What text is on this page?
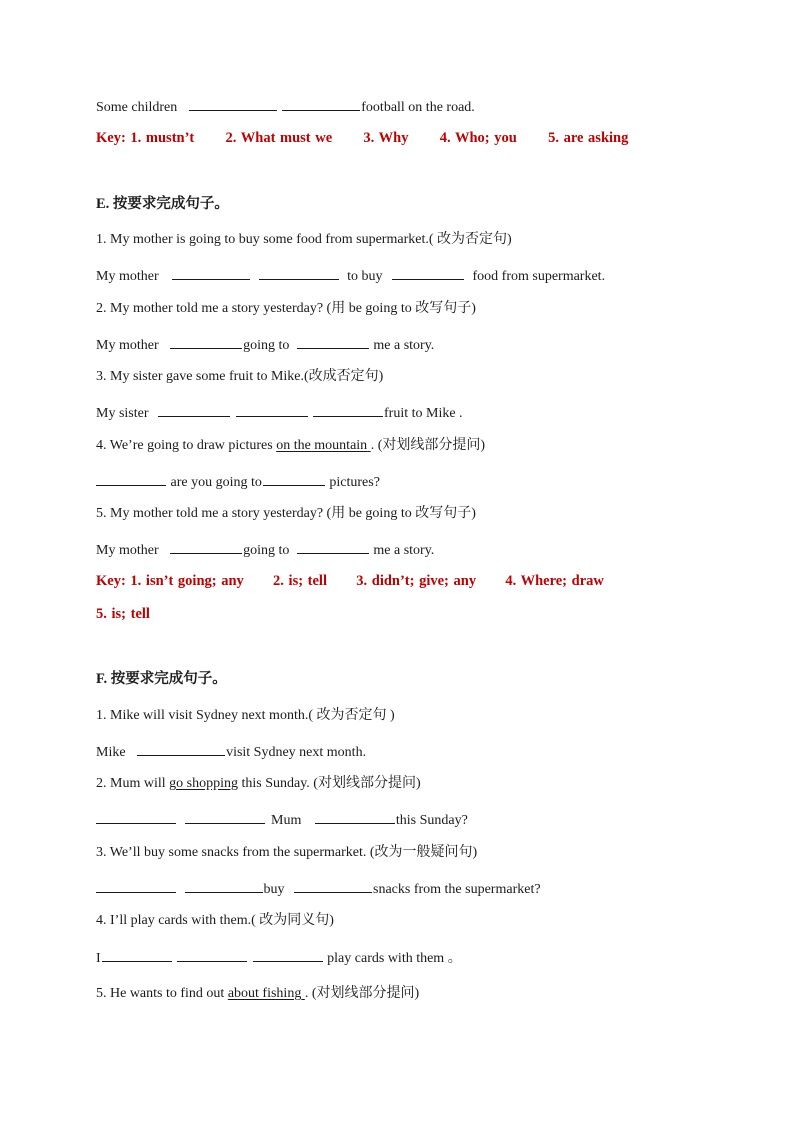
Some children	football on the road.
Key: 1. mustn’t 2. What must we 3. Why 4. Who; you 5. are asking
E. 按要求完成句子。
1. My mother is going to buy some food from supermarket.( 改为否定句)
My mother	to buy	food from supermarket.
2. My mother told me a story yesterday? (用 be going to 改写句子)
My mother	going to	me a story.
3. My sister gave some fruit to Mike.(改成否定句)
My sister	fruit to Mike .
4. We’re going to draw pictures on the mountain . (对划线部分提问)
are you going to	pictures?
5. My mother told me a story yesterday? (用 be going to 改写句子)
My mother	going to	me a story.
Key: 1. isn’t going; any 2. is; tell 3. didn’t; give; any 4. Where; draw
5. is; tell
F. 按要求完成句子。
1. Mike will visit Sydney next month.( 改为否定句 )
Mike	visit Sydney next month.
2. Mum will go shopping this Sunday. (对划线部分提问)
Mum	this Sunday?
3. We’ll buy some snacks from the supermarket. (改为一般疑问句)
buy	snacks from the supermarket?
4. I’ll play cards with them.( 改为同义句)
I	play cards with them 。
5. He wants to find out about fishing . (对划线部分提问)
